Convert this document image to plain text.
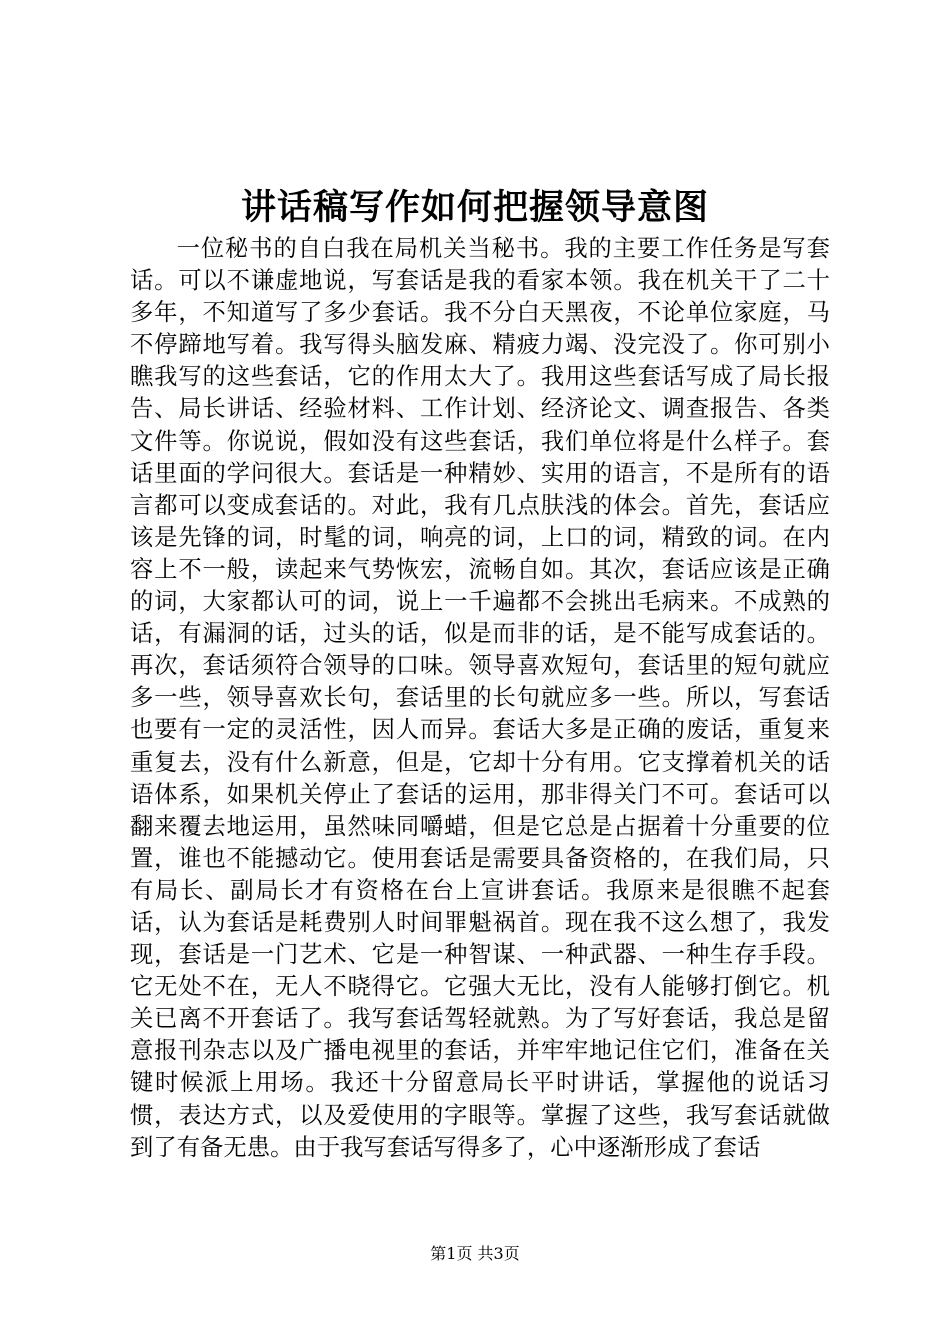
讲话稿写作如何把握领导意图

一位秘书的自白我在局机关当秘书。我的主要工作任务是写套话。可以不谦虚地说，写套话是我的看家本领。我在机关干了二十多年，不知道写了多少套话。我不分白天黑夜，不论单位家庭，马不停蹄地写着。我写得头脑发麻、精疲力竭、没完没了。你可别小瞧我写的这些套话，它的作用太大了。我用这些套话写成了局长报告、局长讲话、经验材料、工作计划、经济论文、调查报告、各类文件等。你说说，假如没有这些套话，我们单位将是什么样子。套话里面的学问很大。套话是一种精妙、实用的语言，不是所有的语言都可以变成套话的。对此，我有几点肤浅的体会。首先，套话应该是先锋的词，时髦的词，响亮的词，上口的词，精致的词。在内容上不一般，读起来气势恢宏，流畅自如。其次，套话应该是正确的词，大家都认可的词，说上一千遍都不会挑出毛病来。不成熟的话，有漏洞的话，过头的话，似是而非的话，是不能写成套话的。再次，套话须符合领导的口味。领导喜欢短句，套话里的短句就应多一些，领导喜欢长句，套话里的长句就应多一些。所以，写套话也要有一定的灵活性，因人而异。套话大多是正确的废话，重复来重复去，没有什么新意，但是，它却十分有用。它支撑着机关的话语体系，如果机关停止了套话的运用，那非得关门不可。套话可以翻来覆去地运用，虽然味同嚼蜡，但是它总是占据着十分重要的位置，谁也不能撼动它。使用套话是需要具备资格的，在我们局，只有局长、副局长才有资格在台上宣讲套话。我原来是很瞧不起套话，认为套话是耗费别人时间罪魁祸首。现在我不这么想了，我发现，套话是一门艺术、它是一种智谋、一种武器、一种生存手段。它无处不在，无人不晓得它。它强大无比，没有人能够打倒它。机关已离不开套话了。我写套话驾轻就熟。为了写好套话，我总是留意报刊杂志以及广播电视里的套话，并牢牢地记住它们，准备在关键时候派上用场。我还十分留意局长平时讲话，掌握他的说话习惯，表达方式，以及爱使用的字眼等。掌握了这些，我写套话就做到了有备无患。由于我写套话写得多了，心中逐渐形成了套话

第1页 共3页
